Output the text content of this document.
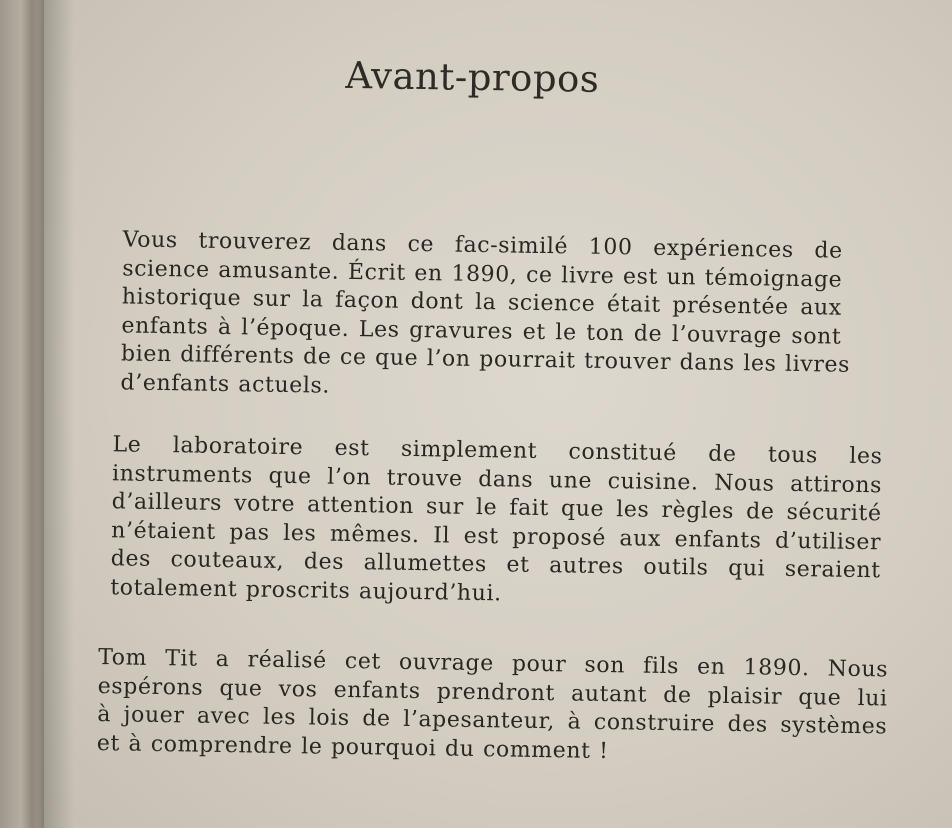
Avant-propos

Vous trouverez dans ce fac-similé 100 expériences de
science amusante. Écrit en 1890, ce livre est un témoignage
historique sur la façon dont la science était présentée aux
enfants à l’époque. Les gravures et le ton de l’ouvrage sont
bien différents de ce que l’on pourrait trouver dans les livres
d’enfants actuels.

Le laboratoire est simplement constitué de tous les
instruments que l’on trouve dans une cuisine. Nous attirons
d’ailleurs votre attention sur le fait que les règles de sécurité
n’étaient pas les mêmes. Il est proposé aux enfants d’utiliser
des couteaux, des allumettes et autres outils qui seraient
totalement proscrits aujourd’hui.

Tom Tit a réalisé cet ouvrage pour son fils en 1890. Nous
espérons que vos enfants prendront autant de plaisir que lui
à jouer avec les lois de l’apesanteur, à construire des systèmes
et à comprendre le pourquoi du comment !
